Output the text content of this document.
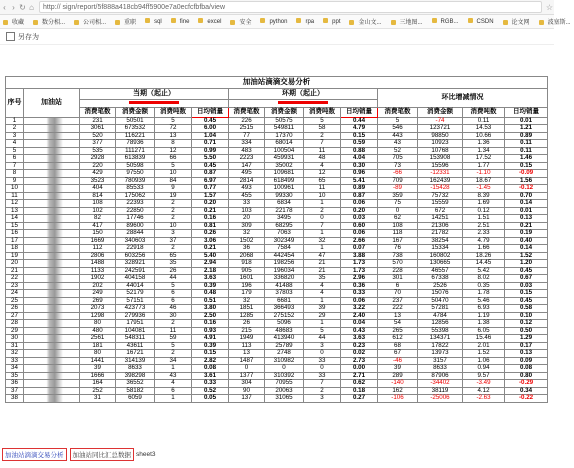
‹ › ↻ ⌂	http:// sign/report/5f888a418cb94ff5900e7a0ecfcfbfba/view	☆
收藏	数分相...	公司相...	重职	sql	fine	excel	安全	python	rpa	ppt	金山文...	三地图...	RGB...	CSDN	论文网	波塞斯...
另存为
加油站滴滴交易分析													
序号	加油站	当期（起止）				环期（起止）				环比增减情况			

		消费笔数	消费金额	消费吨数	日均销量	消费笔数	消费金额	消费吨数	日均销量	消费笔数	消费金额	消费吨数	日均销量
1		231	50501	5	0.45	226	50575	5	0.44	5	-74	0.11	0.01
2		3061	673532	72	6.00	2515	549811	58	4.79	546	123721	14.53	1.21
3		520	116221	13	1.04	77	17370	2	0.15	443	98850	10.66	0.89
4		377	78936	8	0.71	334	68014	7	0.59	43	10923	1.36	0.11
5		535	111271	12	0.99	483	100504	11	0.88	52	10768	1.34	0.11
6		2928	613839	66	5.50	2223	459931	48	4.04	705	153908	17.52	1.46
7		220	50598	5	0.45	147	35002	4	0.30	73	15596	1.77	0.15
8		429	97550	10	0.87	495	109681	12	0.96	-66	-12331	-1.10	-0.09
9		3523	780939	84	6.97	2814	618499	65	5.41	709	162439	18.67	1.56
10		404	85533	9	0.77	493	100961	11	0.89	-89	-15428	-1.45	-0.12
11		814	175062	19	1.57	455	99330	10	0.87	359	75732	8.39	0.70
12		108	22393	2	0.20	33	6834	1	0.06	75	15559	1.69	0.14
13		102	22850	2	0.21	103	22178	2	0.20	0	672	0.12	0.01
14		82	17746	2	0.16	20	3495	0	0.03	62	14251	1.51	0.13
15		417	89600	10	0.81	309	68295	7	0.60	108	21306	2.51	0.21
16		150	28844	3	0.26	32	7063	1	0.06	118	21782	2.33	0.19
17		1669	340603	37	3.06	1502	302349	32	2.66	167	38254	4.79	0.40
18		112	22918	2	0.21	36	7584	1	0.07	76	15334	1.66	0.14
19		2806	603256	65	5.40	2068	442454	47	3.88	738	160802	18.26	1.52
20		1488	328921	35	2.94	918	198256	21	1.73	570	130665	14.45	1.20
21		1133	242591	26	2.18	905	196034	21	1.73	228	46557	5.42	0.45
22		1902	404158	44	3.63	1601	336820	35	2.96	301	67338	8.02	0.67
23		202	44014	5	0.39	196	41488	4	0.36	6	2526	0.35	0.03
24		249	52179	6	0.48	179	37803	4	0.33	70	15076	1.78	0.15
25		269	57151	6	0.51	32	6681	1	0.06	237	50470	5.46	0.45
26		2073	423773	46	3.80	1851	366493	39	3.22	222	57281	6.93	0.58
27		1298	279936	30	2.50	1285	275152	29	2.40	13	4784	1.19	0.10
28		80	17951	2	0.16	26	5096	1	0.04	54	12856	1.38	0.12
29		480	104081	11	0.93	215	48683	5	0.43	265	55398	6.05	0.50
30		2561	548311	59	4.91	1949	413940	44	3.63	612	134371	15.46	1.29
31		181	43611	5	0.39	113	25789	3	0.23	68	17822	2.01	0.17
32		80	16721	2	0.15	13	2748	0	0.02	67	13973	1.52	0.13
33		1441	314139	34	2.82	1487	310982	33	2.73	-46	3157	1.06	0.09
34		39	8633	1	0.08	0	0	0	0.00	39	8633	0.94	0.08
35		1666	398298	43	3.61	1377	310392	33	2.71	289	87906	9.57	0.80
36		164	36552	4	0.33	304	70955	7	0.62	-140	-34402	-3.49	-0.29
37		252	58182	6	0.52	90	20063	2	0.18	162	38119	4.12	0.34
38		31	6059	1	0.05	137	31065	3	0.27	-106	-25006	-2.63	-0.22
加油站滴滴交易分析	加油站同比汇总数据 sheet3
